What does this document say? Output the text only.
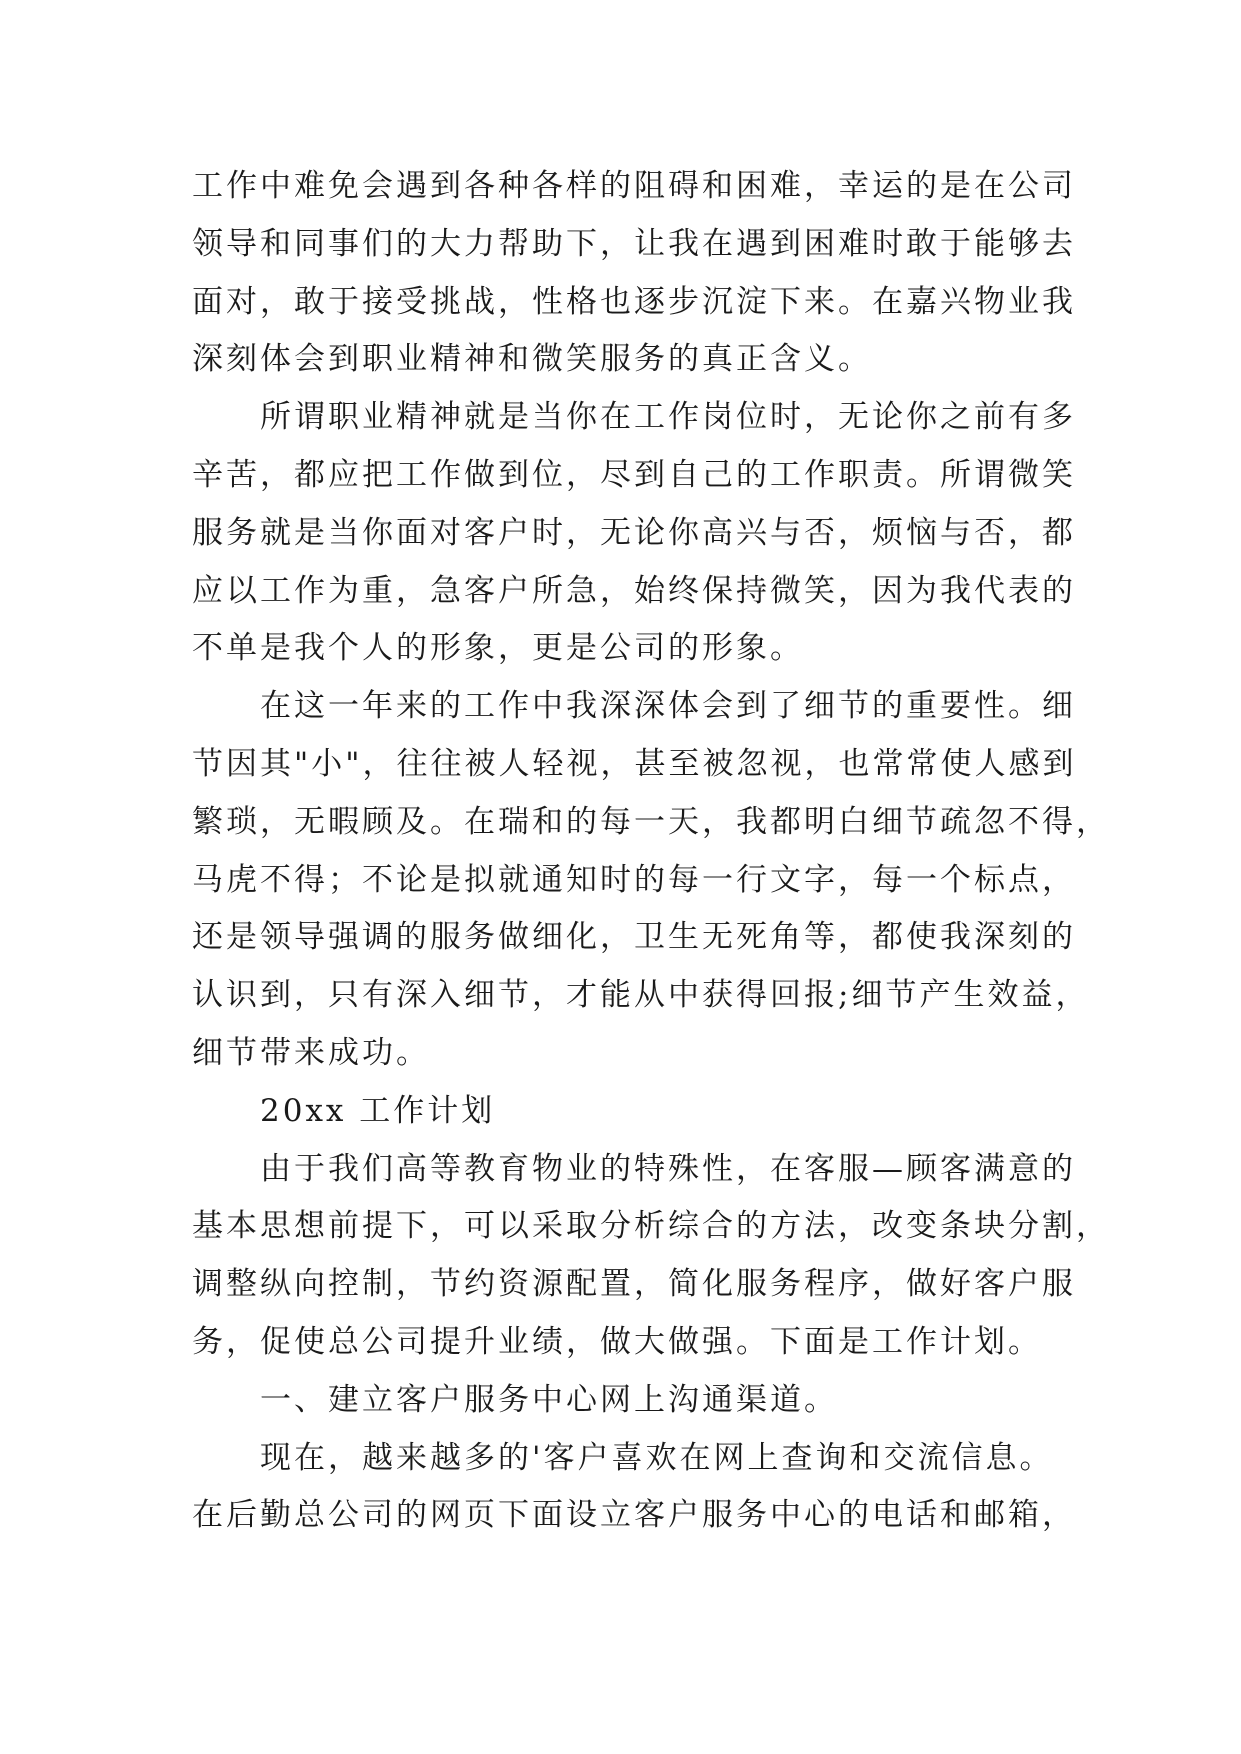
工作中难免会遇到各种各样的阻碍和困难，幸运的是在公司
领导和同事们的大力帮助下，让我在遇到困难时敢于能够去
面对，敢于接受挑战，性格也逐步沉淀下来。在嘉兴物业我
深刻体会到职业精神和微笑服务的真正含义。
所谓职业精神就是当你在工作岗位时，无论你之前有多
辛苦，都应把工作做到位，尽到自己的工作职责。所谓微笑
服务就是当你面对客户时，无论你高兴与否，烦恼与否，都
应以工作为重，急客户所急，始终保持微笑，因为我代表的
不单是我个人的形象，更是公司的形象。
在这一年来的工作中我深深体会到了细节的重要性。细
节因其"小"，往往被人轻视，甚至被忽视，也常常使人感到
繁琐，无暇顾及。在瑞和的每一天，我都明白细节疏忽不得，
马虎不得；不论是拟就通知时的每一行文字，每一个标点，
还是领导强调的服务做细化，卫生无死角等，都使我深刻的
认识到，只有深入细节，才能从中获得回报;细节产生效益，
细节带来成功。
20xx 工作计划
由于我们高等教育物业的特殊性，在客服—顾客满意的
基本思想前提下，可以采取分析综合的方法，改变条块分割，
调整纵向控制，节约资源配置，简化服务程序，做好客户服
务，促使总公司提升业绩，做大做强。下面是工作计划。
一、建立客户服务中心网上沟通渠道。
现在，越来越多的'客户喜欢在网上查询和交流信息。
在后勤总公司的网页下面设立客户服务中心的电话和邮箱，
